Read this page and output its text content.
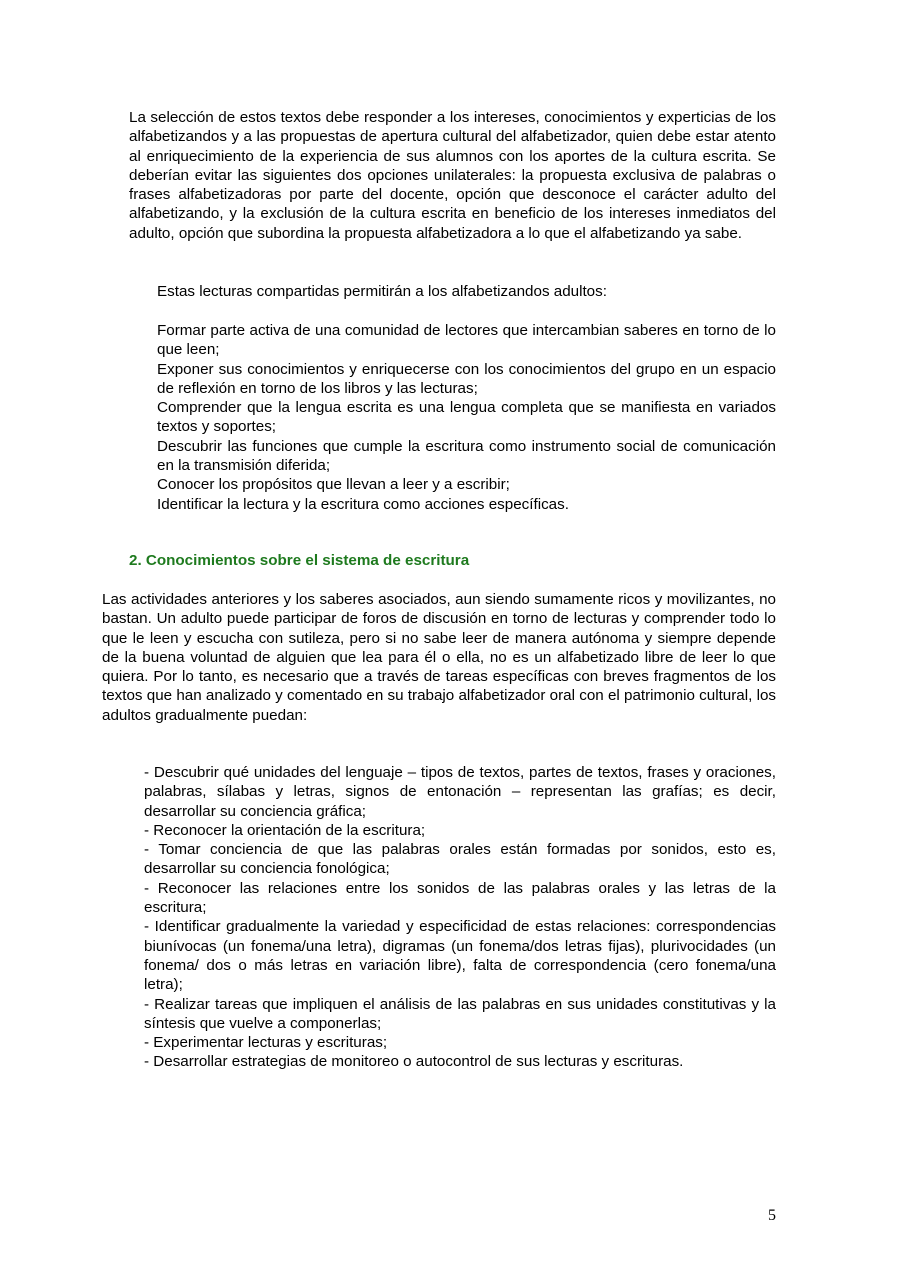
La selección de estos textos debe responder a los intereses, conocimientos y experticias de los alfabetizandos y a las propuestas de apertura cultural del alfabetizador, quien debe estar atento al enriquecimiento de la experiencia de sus alumnos con los aportes de la cultura escrita. Se deberían evitar las siguientes dos opciones unilaterales: la propuesta exclusiva de palabras o frases alfabetizadoras por parte del docente, opción que desconoce el carácter adulto del alfabetizando, y la exclusión de la cultura escrita en beneficio de los intereses inmediatos del adulto, opción que subordina la propuesta alfabetizadora a lo que el alfabetizando ya sabe.

Estas lecturas compartidas permitirán a los alfabetizandos adultos:

Formar parte activa de una comunidad de lectores que intercambian saberes en torno de lo que leen;
Exponer sus conocimientos y enriquecerse con los conocimientos del grupo en un espacio de reflexión en torno de los libros y las lecturas;
Comprender que la lengua escrita es una lengua completa que se manifiesta en variados textos y soportes;
Descubrir las funciones que cumple la escritura como instrumento social de comunicación en la transmisión diferida;
Conocer los propósitos que llevan a leer y a escribir;
Identificar la lectura y la escritura como acciones específicas.
2. Conocimientos sobre el sistema de escritura

Las actividades anteriores y los saberes asociados, aun siendo sumamente ricos y movilizantes, no bastan. Un adulto puede participar de foros de discusión en torno de lecturas y comprender todo lo que le leen y escucha con sutileza, pero si no sabe leer de manera autónoma y siempre depende de la buena voluntad de alguien que lea para él o ella, no es un alfabetizado libre de leer lo que quiera. Por lo tanto, es necesario que a través de tareas específicas con breves fragmentos de los textos que han analizado y comentado en su trabajo alfabetizador oral con el patrimonio cultural, los adultos gradualmente puedan:

- Descubrir qué unidades del lenguaje – tipos de textos, partes de textos, frases y oraciones, palabras, sílabas y letras, signos de entonación – representan las grafías; es decir, desarrollar su conciencia gráfica;
- Reconocer la orientación de la escritura;
- Tomar conciencia de que las palabras orales están formadas por sonidos, esto es, desarrollar su conciencia fonológica;
- Reconocer las relaciones entre los sonidos de las palabras orales y las letras de la escritura;
- Identificar gradualmente la variedad y especificidad de estas relaciones: correspondencias biunívocas (un fonema/una letra), digramas (un fonema/dos letras fijas), plurivocidades (un fonema/ dos o más letras en variación libre), falta de correspondencia (cero fonema/una letra);
- Realizar tareas que impliquen el análisis de las palabras en sus unidades constitutivas y la síntesis que vuelve a componerlas;
- Experimentar lecturas y escrituras;
- Desarrollar estrategias de monitoreo o autocontrol de sus lecturas y escrituras.
5
